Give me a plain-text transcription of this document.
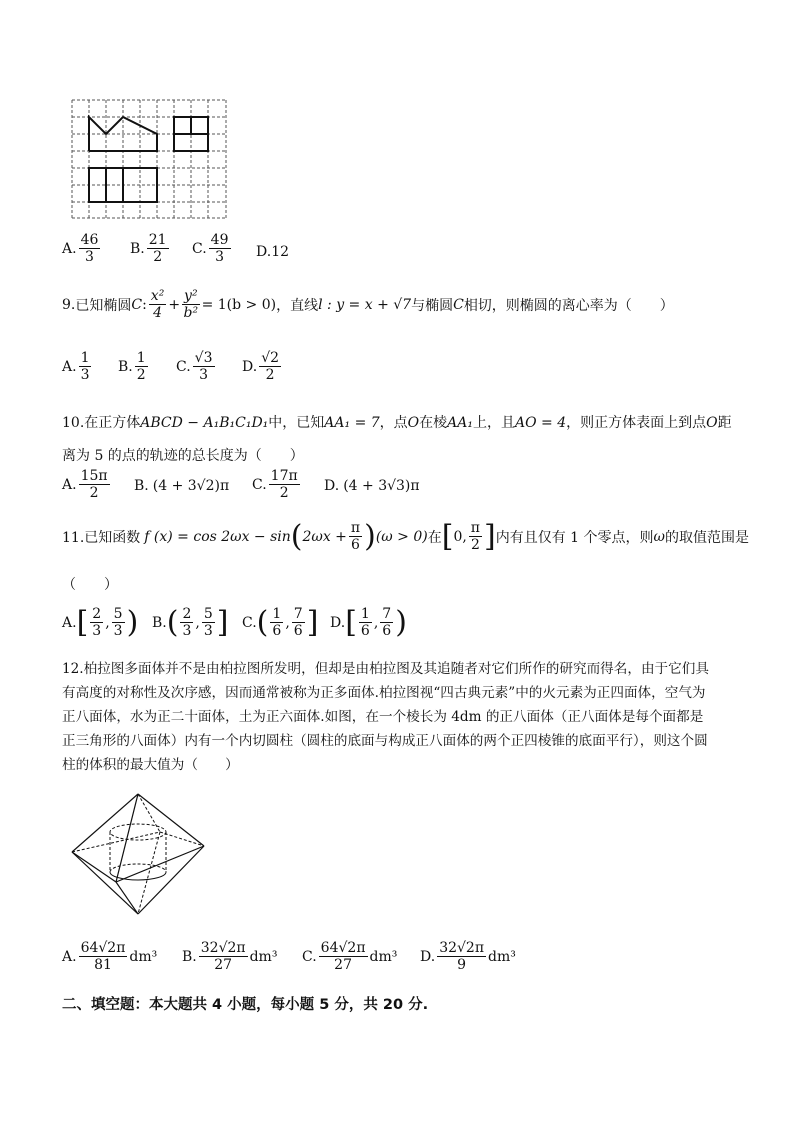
A. $\frac{46}{3} B$. $\frac{21}{2} C$. $\frac{49}{3} D$. 12
9. 已知椭圆 C : $\frac{\text{x²}}{4} + \frac{\text{y²}}{\text{b²}} = 1(b > 0)$ ，直线 l : y = x + √7 与椭圆 C 相切，则椭圆的离心率为（　　）
A. $\frac{1}{3} B$. $\frac{1}{2} C$. $\frac{√3}{3} D$. $\frac{√2}{2}$
10.在正方体ABCD − A₁B₁C₁D₁中，已知AA₁ = 7，点O在棱AA₁上，且AO = 4，则正方体表面上到点O距
离为 5 的点的轨迹的总长度为（　　）
A. $\frac{15\pi}{2} B$. (4 + 3√2)π C. $\frac{17\pi}{2} D$. (4 + 3√3)π
11.已知函数 f (x) = cos 2ωx − sin ( $2\omega x + \frac{\pi}{6}$ ) (ω > 0) 在 [ 0, $\frac{\pi}{2}$ ] 内有且仅有 1 个零点，则 ω 的取值范围是
（　　）
A. [ $\frac{2}{3}$ , $\frac{5}{3}$ ) B. ( $\frac{2}{3}$ , $\frac{5}{3}$ ] C. ( $\frac{1}{6}$ , $\frac{7}{6}$ ] D. [ $\frac{1}{6}$ , $\frac{7}{6}$ )
12.柏拉图多面体并不是由柏拉图所发明，但却是由柏拉图及其追随者对它们所作的研究而得名，由于它们具
有高度的对称性及次序感，因而通常被称为正多面体.柏拉图视“四古典元素”中的火元素为正四面体，空气为
正八面体，水为正二十面体，土为正六面体.如图，在一个棱长为 4dm 的正八面体（正八面体是每个面都是
正三角形的八面体）内有一个内切圆柱（圆柱的底面与构成正八面体的两个正四棱锥的底面平行），则这个圆
柱的体积的最大值为（　　）
A. $\frac{64√2\pi}{81} dm^3$ B. $\frac{32√2\pi}{27} dm^3$ C. $\frac{64√2\pi}{27} dm^3$ D. $\frac{32√2\pi}{9} dm^3$
二、填空题：本大题共 4 小题，每小题 5 分，共 20 分.
